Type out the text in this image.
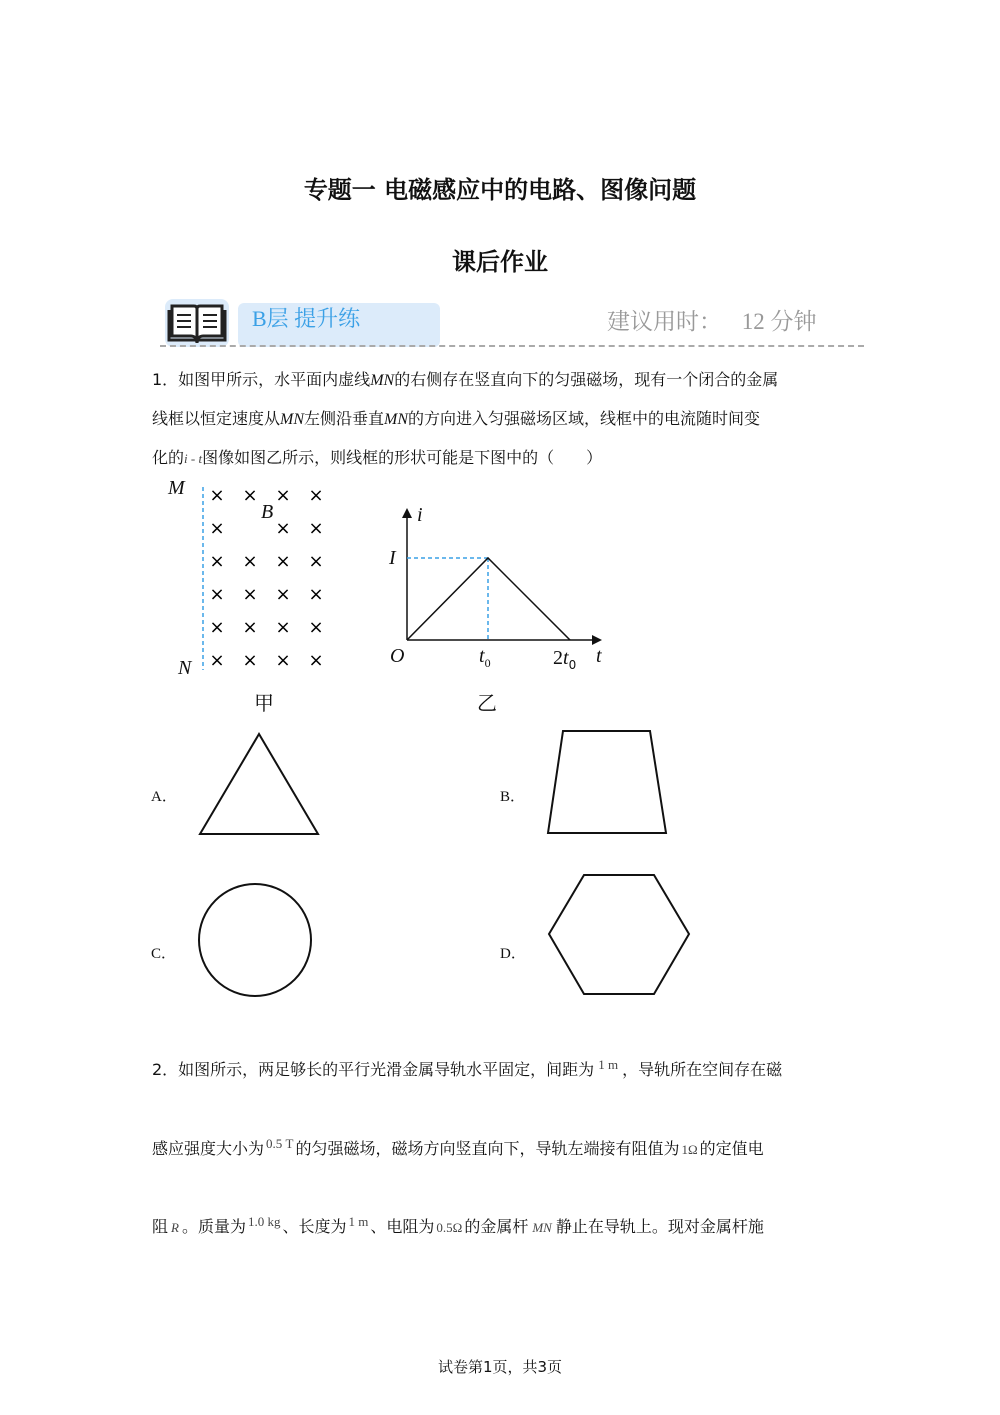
专题一 电磁感应中的电路、图像问题
课后作业
B层 提升练	建议用时： 12 分钟
1．如图甲所示，水平面内虚线MN的右侧存在竖直向下的匀强磁场，现有一个闭合的金属
线框以恒定速度从MN左侧沿垂直MN的方向进入匀强磁场区域，线框中的电流随时间变
化的i - t图像如图乙所示，则线框的形状可能是下图中的（　　）
× × × ×
×	× ×
× × × ×
× × × ×
× × × ×
× × × ×
M
N
B
甲
i
I
O	$t_0$	$2t_0$ t
乙
A．	B．
C．	D．
2．如图所示，两足够长的平行光滑金属导轨水平固定，间距为 $^{1 m}$ ，导轨所在空间存在磁
感应强度大小为 $^{0.5 T}$ 的匀强磁场，磁场方向竖直向下，导轨左端接有阻值为 1Ω 的定值电
阻 R 。质量为 $^{1.0 kg}$ 、长度为 $^{1 m}$ 、电阻为 0.5Ω 的金属杆 MN 静止在导轨上。现对金属杆施
试卷第1页，共3页
